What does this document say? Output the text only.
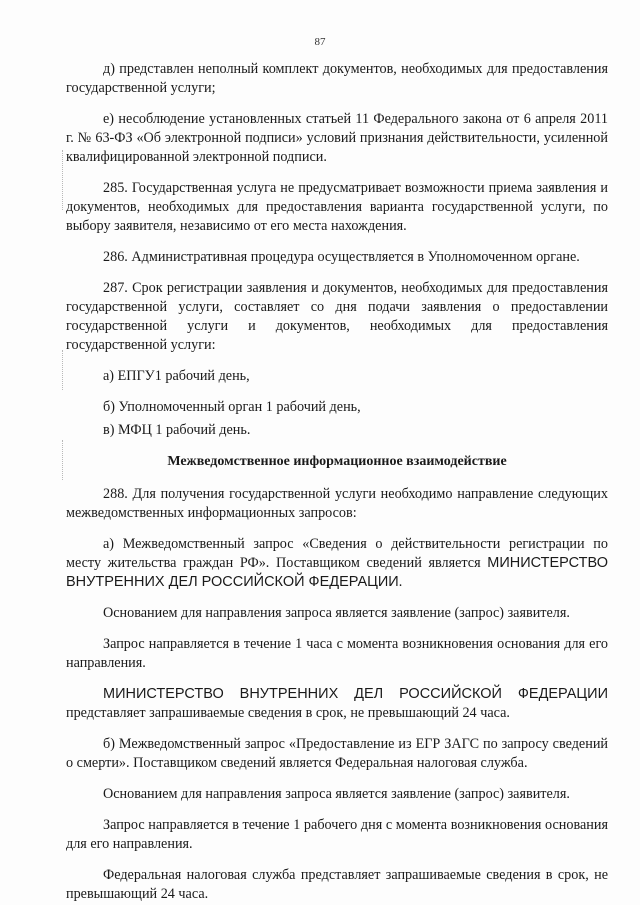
87

д) представлен неполный комплект документов, необходимых для предоставления государственной услуги;

е) несоблюдение установленных статьей 11 Федерального закона от 6 апреля 2011 г. № 63-ФЗ «Об электронной подписи» условий признания действительности, усиленной квалифицированной электронной подписи.

285. Государственная услуга не предусматривает возможности приема заявления и документов, необходимых для предоставления варианта государственной услуги, по выбору заявителя, независимо от его места нахождения.

286. Административная процедура осуществляется в Уполномоченном органе.

287. Срок регистрации заявления и документов, необходимых для предоставления государственной услуги, составляет со дня подачи заявления о предоставлении государственной услуги и документов, необходимых для предоставления государственной услуги:

а) ЕПГУ1 рабочий день,

б) Уполномоченный орган 1 рабочий день,

в) МФЦ 1 рабочий день.

Межведомственное информационное взаимодействие

288. Для получения государственной услуги необходимо направление следующих межведомственных информационных запросов:

а) Межведомственный запрос «Сведения о действительности регистрации по месту жительства граждан РФ». Поставщиком сведений является МИНИСТЕРСТВО ВНУТРЕННИХ ДЕЛ РОССИЙСКОЙ ФЕДЕРАЦИИ.

Основанием для направления запроса является заявление (запрос) заявителя.

Запрос направляется в течение 1 часа с момента возникновения основания для его направления.

МИНИСТЕРСТВО ВНУТРЕННИХ ДЕЛ РОССИЙСКОЙ ФЕДЕРАЦИИ представляет запрашиваемые сведения в срок, не превышающий 24 часа.

б) Межведомственный запрос «Предоставление из ЕГР ЗАГС по запросу сведений о смерти». Поставщиком сведений является Федеральная налоговая служба.

Основанием для направления запроса является заявление (запрос) заявителя.

Запрос направляется в течение 1 рабочего дня с момента возникновения основания для его направления.

Федеральная налоговая служба представляет запрашиваемые сведения в срок, не превышающий 24 часа.
